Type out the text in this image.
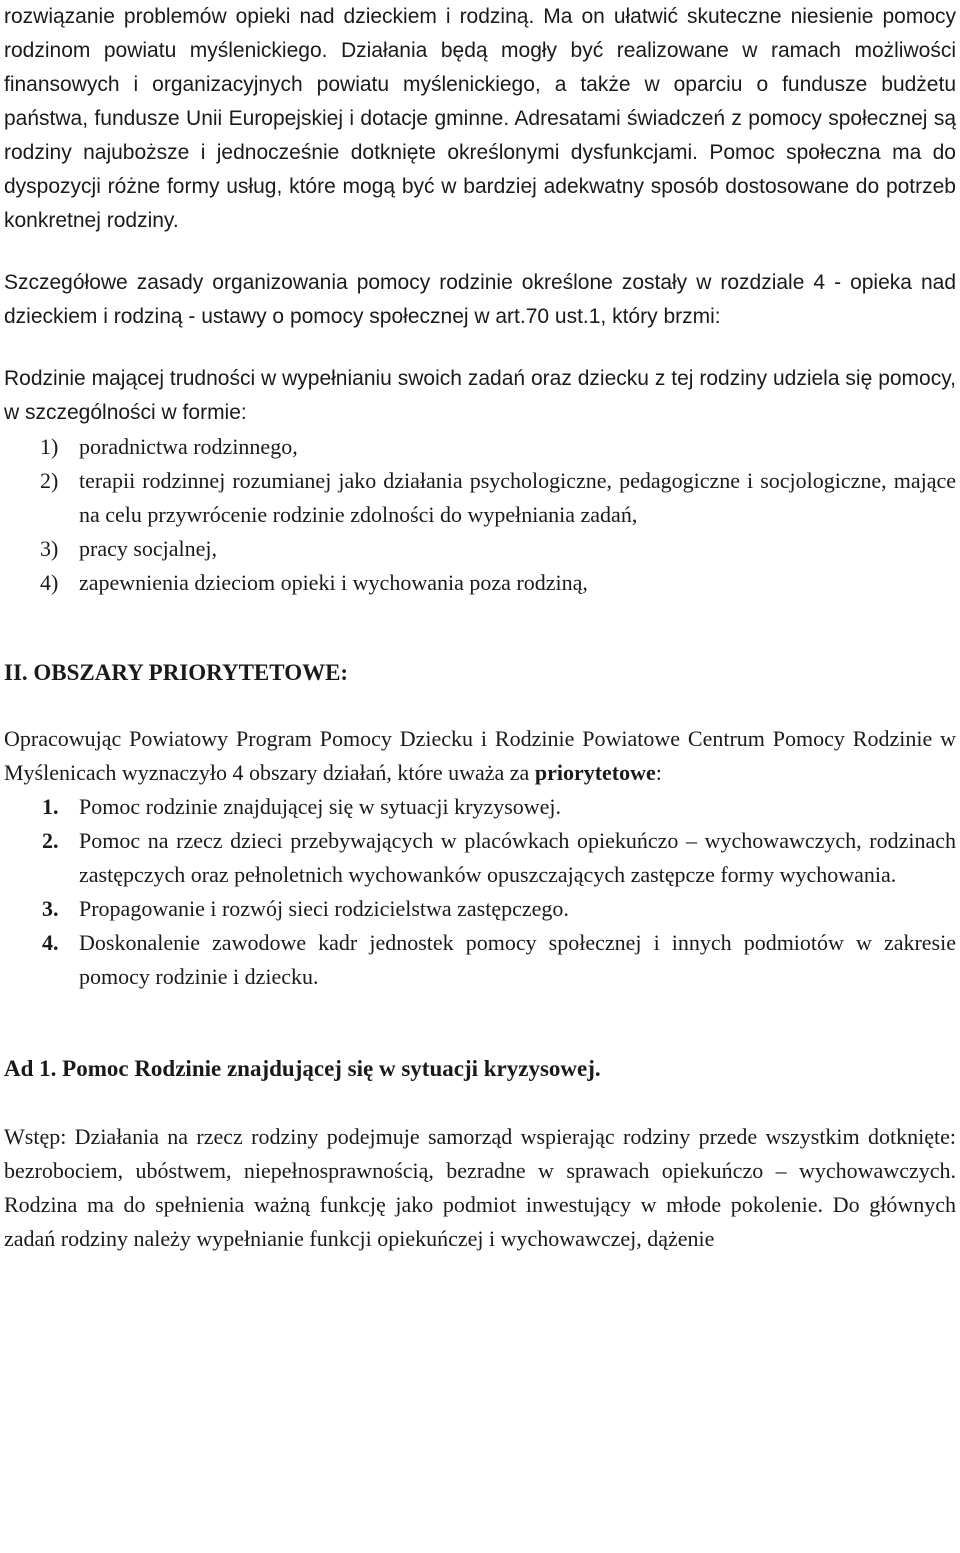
rozwiązanie problemów opieki nad dzieckiem i rodziną. Ma on ułatwić skuteczne niesienie pomocy rodzinom powiatu myślenickiego. Działania będą mogły być realizowane w ramach możliwości finansowych i organizacyjnych powiatu myślenickiego, a także w oparciu o fundusze budżetu państwa, fundusze Unii Europejskiej i dotacje gminne. Adresatami świadczeń z pomocy społecznej są rodziny najuboższe i jednocześnie dotknięte określonymi dysfunkcjami. Pomoc społeczna ma do dyspozycji różne formy usług, które mogą być w bardziej adekwatny sposób dostosowane do potrzeb konkretnej rodziny.

Szczegółowe zasady organizowania pomocy rodzinie określone zostały w rozdziale 4 - opieka nad dzieckiem i rodziną - ustawy o pomocy społecznej w art.70 ust.1, który brzmi:

Rodzinie mającej trudności w wypełnianiu swoich zadań oraz dziecku z tej rodziny udziela się pomocy, w szczególności w formie:

1) poradnictwa rodzinnego,
2) terapii rodzinnej rozumianej jako działania psychologiczne, pedagogiczne i socjologiczne, mające na celu przywrócenie rodzinie zdolności do wypełniania zadań,
3) pracy socjalnej,
4) zapewnienia dzieciom opieki i wychowania poza rodziną,
II. OBSZARY PRIORYTETOWE:

Opracowując Powiatowy Program Pomocy Dziecku i Rodzinie Powiatowe Centrum Pomocy Rodzinie w Myślenicach wyznaczyło 4 obszary działań, które uważa za priorytetowe:

1. Pomoc rodzinie znajdującej się w sytuacji kryzysowej.
2. Pomoc na rzecz dzieci przebywających w placówkach opiekuńczo – wychowawczych, rodzinach zastępczych oraz pełnoletnich wychowanków opuszczających zastępcze formy wychowania.
3. Propagowanie i rozwój sieci rodzicielstwa zastępczego.
4. Doskonalenie zawodowe kadr jednostek pomocy społecznej i innych podmiotów w zakresie pomocy rodzinie i dziecku.
Ad 1. Pomoc Rodzinie znajdującej się w sytuacji kryzysowej.

Wstęp: Działania na rzecz rodziny podejmuje samorząd wspierając rodziny przede wszystkim dotknięte: bezrobociem, ubóstwem, niepełnosprawnością, bezradne w sprawach opiekuńczo – wychowawczych. Rodzina ma do spełnienia ważną funkcję jako podmiot inwestujący w młode pokolenie. Do głównych zadań rodziny należy wypełnianie funkcji opiekuńczej i wychowawczej, dążenie
